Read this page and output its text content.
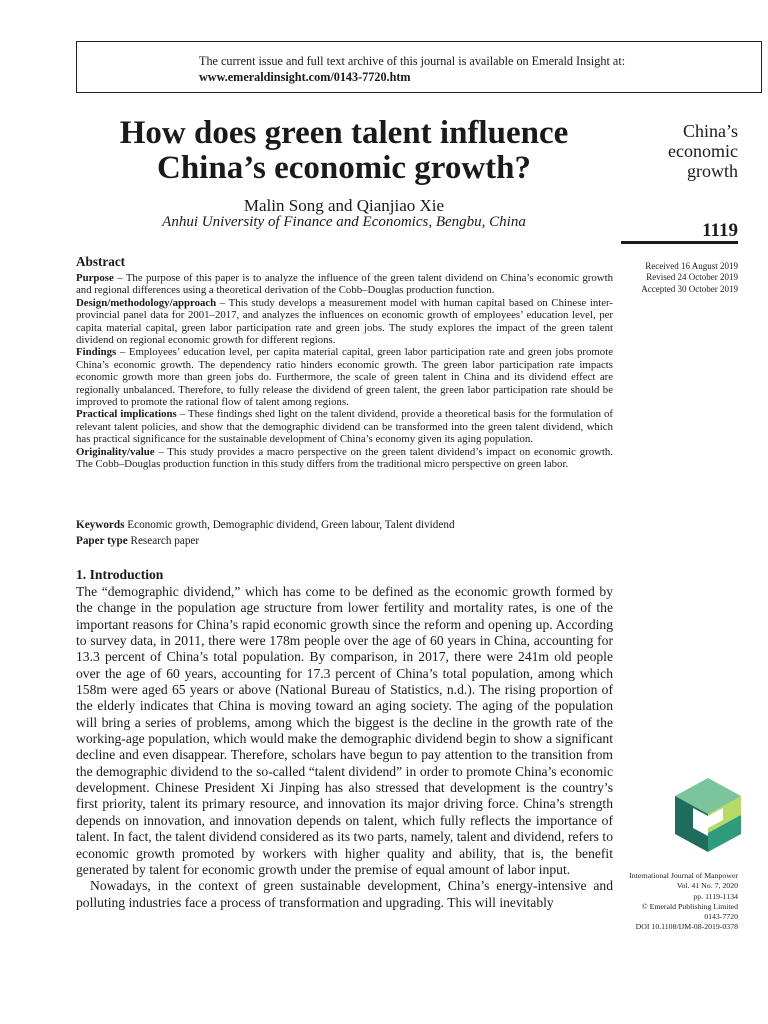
The current issue and full text archive of this journal is available on Emerald Insight at:
www.emeraldinsight.com/0143-7720.htm
How does green talent influence
China’s economic growth?
Malin Song and Qianjiao Xie
Anhui University of Finance and Economics, Bengbu, China
China’s
economic
growth
1119
Received 16 August 2019
Revised 24 October 2019
Accepted 30 October 2019
Abstract

Purpose – The purpose of this paper is to analyze the influence of the green talent dividend on China’s economic growth and regional differences using a theoretical derivation of the Cobb–Douglas production function.

Design/methodology/approach – This study develops a measurement model with human capital based on Chinese inter-provincial panel data for 2001–2017, and analyzes the influences on economic growth of employees’ education level, per capita material capital, green labor participation rate and green jobs. The study explores the impact of the green talent dividend on regional economic growth for different regions.

Findings – Employees’ education level, per capita material capital, green labor participation rate and green jobs promote China’s economic growth. The dependency ratio hinders economic growth. The green labor participation rate impacts economic growth more than green jobs do. Furthermore, the scale of green talent in China and its dividend effect are regionally unbalanced. Therefore, to fully release the dividend of green talent, the green labor participation rate should be improved to promote the rational flow of talent among regions.

Practical implications – These findings shed light on the talent dividend, provide a theoretical basis for the formulation of relevant talent policies, and show that the demographic dividend can be transformed into the green talent dividend, which has practical significance for the sustainable development of China’s economy given its aging population.

Originality/value – This study provides a macro perspective on the green talent dividend’s impact on economic growth. The Cobb–Douglas production function in this study differs from the traditional micro perspective on green labor.

Keywords Economic growth, Demographic dividend, Green labour, Talent dividend
Paper type Research paper
1. Introduction

The “demographic dividend,” which has come to be defined as the economic growth formed by the change in the population age structure from lower fertility and mortality rates, is one of the important reasons for China’s rapid economic growth since the reform and opening up. According to survey data, in 2011, there were 178m people over the age of 60 years in China, accounting for 13.3 percent of China’s total population. By comparison, in 2017, there were 241m old people over the age of 60 years, accounting for 17.3 percent of China’s total population, among which 158m were aged 65 years or above (National Bureau of Statistics, n.d.). The rising proportion of the elderly indicates that China is moving toward an aging society. The aging of the population will bring a series of problems, among which the biggest is the decline in the growth rate of the working-age population, which would make the demographic dividend begin to show a significant decline and even disappear. Therefore, scholars have begun to pay attention to the transition from the demographic dividend to the so-called “talent dividend” in order to promote China’s economic development. Chinese President Xi Jinping has also stressed that development is the country’s first priority, talent its primary resource, and innovation its major driving force. China’s strength depends on innovation, and innovation depends on talent, which fully reflects the importance of talent. In fact, the talent dividend considered as its two parts, namely, talent and dividend, refers to economic growth promoted by workers with higher quality and ability, that is, the benefit generated by talent for economic growth under the premise of equal amount of labor input.

Nowadays, in the context of green sustainable development, China’s energy-intensive and polluting industries face a process of transformation and upgrading. This will inevitably

International Journal of Manpower
Vol. 41 No. 7, 2020
pp. 1119-1134
© Emerald Publishing Limited
0143-7720
DOI 10.1108/IJM-08-2019-0378
